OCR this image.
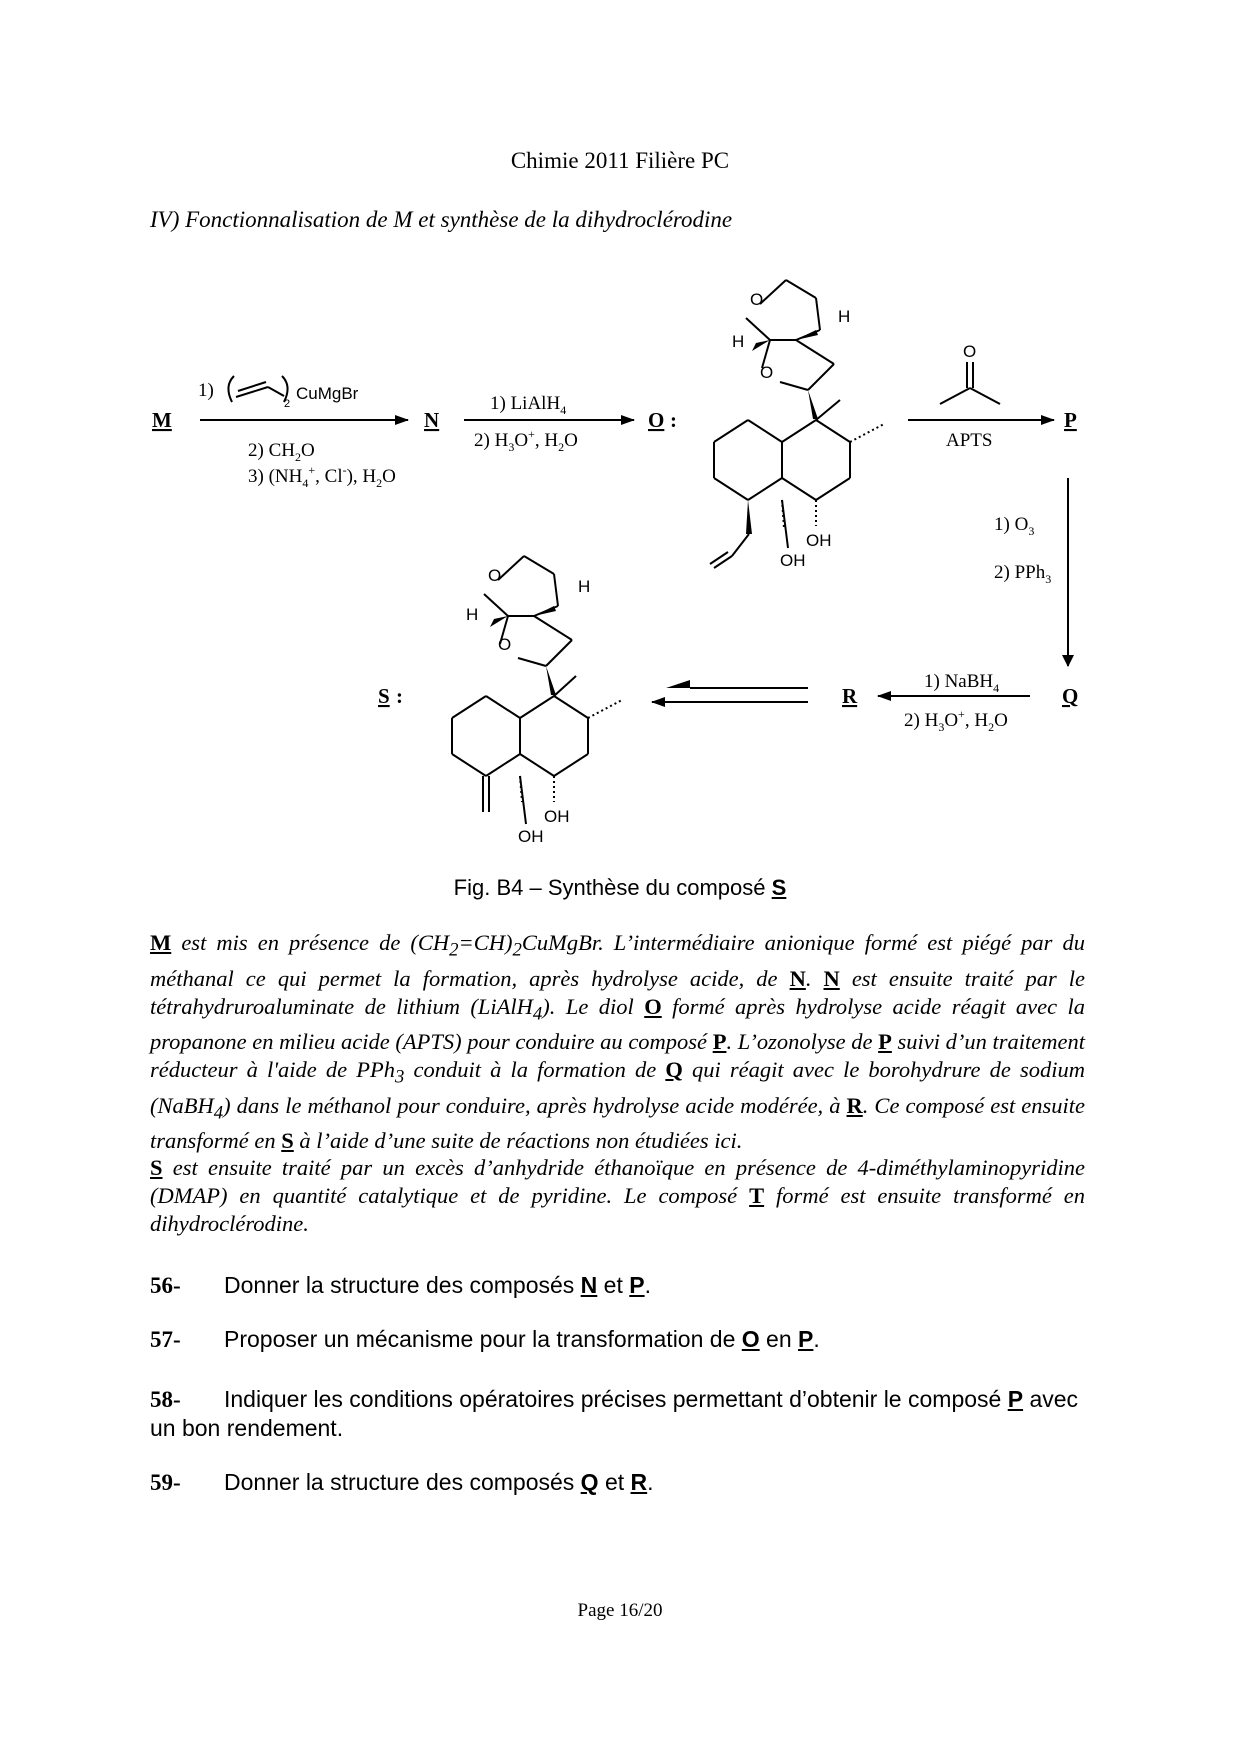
Chimie 2011 Filière PC
IV) Fonctionnalisation de M et synthèse de la dihydroclérodine
M
1)
2
CuMgBr
2) $CH_2O$
3) ($NH_4^+$, Cl-), $H_2O$
N
1) LiAlH$_4$
2) $H_3O^+$, $H_2O$
O :
O
H
H
O
OH
OH
O
APTS
P
1) $O_3$
2) PPh$_3$
Q
1) NaBH$_4$
2) $H_3O^+$, $H_2O$
R
S :
O
H
H
O
OH
OH
Fig. B4 – Synthèse du composé S
M est mis en présence de $(CH_2=CH)_2CuMgBr$. L’intermédiaire anionique formé est piégé par du méthanal ce qui permet la formation, après hydrolyse acide, de N. N est ensuite traité par le tétrahydruroaluminate de lithium (LiAlH$_4$). Le diol O formé après hydrolyse acide réagit avec la propanone en milieu acide (APTS) pour conduire au composé P. L’ozonolyse de P suivi d’un traitement réducteur à l'aide de PPh$_3$ conduit à la formation de Q qui réagit avec le borohydrure de sodium (NaBH$_4$) dans le méthanol pour conduire, après hydrolyse acide modérée, à R. Ce composé est ensuite transformé en S à l’aide d’une suite de réactions non étudiées ici.
S est ensuite traité par un excès d’anhydride éthanoïque en présence de 4-diméthylaminopyridine (DMAP) en quantité catalytique et de pyridine. Le composé T formé est ensuite transformé en dihydroclérodine.
56- Donner la structure des composés N et P.
57- Proposer un mécanisme pour la transformation de O en P.
58- Indiquer les conditions opératoires précises permettant d’obtenir le composé P avec un bon rendement.
59- Donner la structure des composés Q et R.
Page 16/20
